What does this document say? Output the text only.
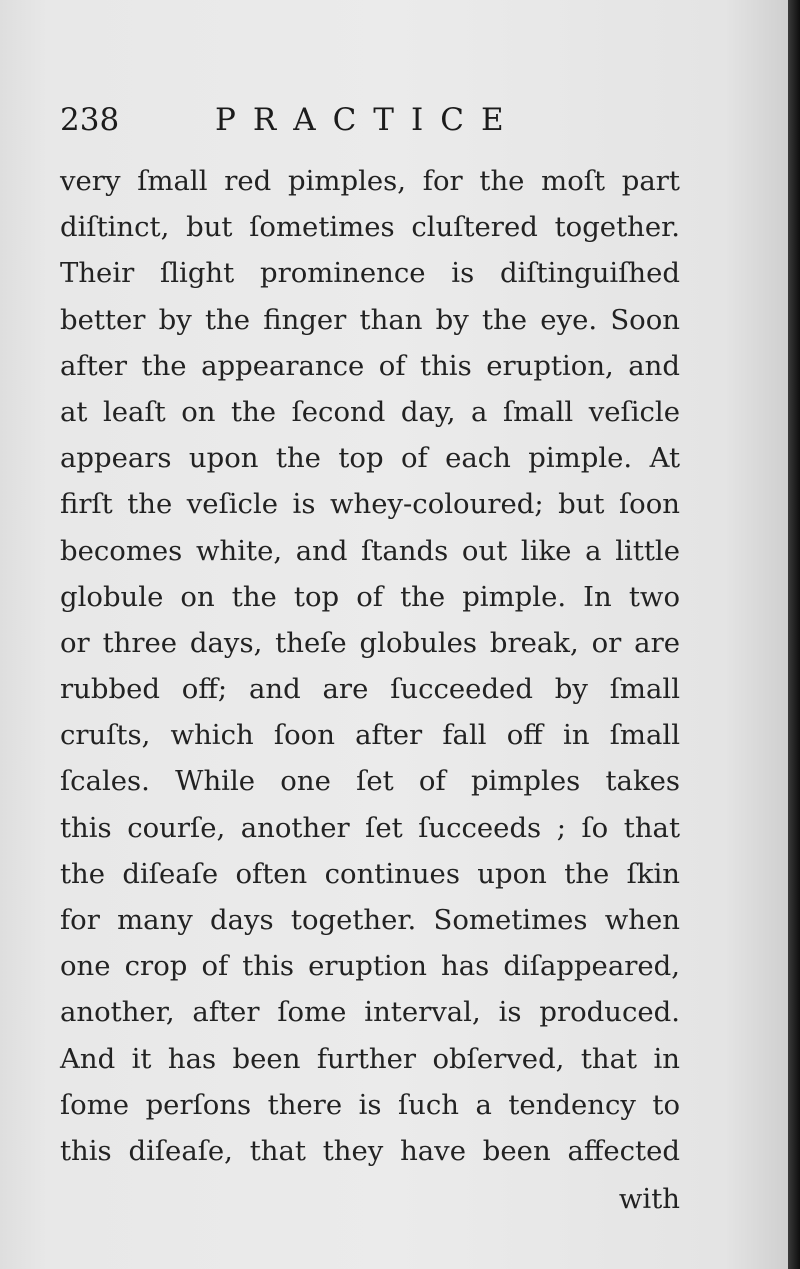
238	PRACTICE
very ſmall red pimples, for the moſt part
diſtinct, but ſometimes cluſtered together.
Their ſlight prominence is diſtinguiſhed
better by the finger than by the eye. Soon
after the appearance of this eruption, and
at leaſt on the ſecond day, a ſmall veſicle
appears upon the top of each pimple. At
firſt the veſicle is whey-coloured; but ſoon
becomes white, and ſtands out like a little
globule on the top of the pimple. In two
or three days, theſe globules break, or are
rubbed off; and are ſucceeded by ſmall
cruſts, which ſoon after fall off in ſmall
ſcales. While one ſet of pimples takes
this courſe, another ſet ſucceeds ; ſo that
the diſeaſe often continues upon the ſkin
for many days together. Sometimes when
one crop of this eruption has diſappeared,
another, after ſome interval, is produced.
And it has been further obſerved, that in
ſome perſons there is ſuch a tendency to
this diſeaſe, that they have been affected
with
